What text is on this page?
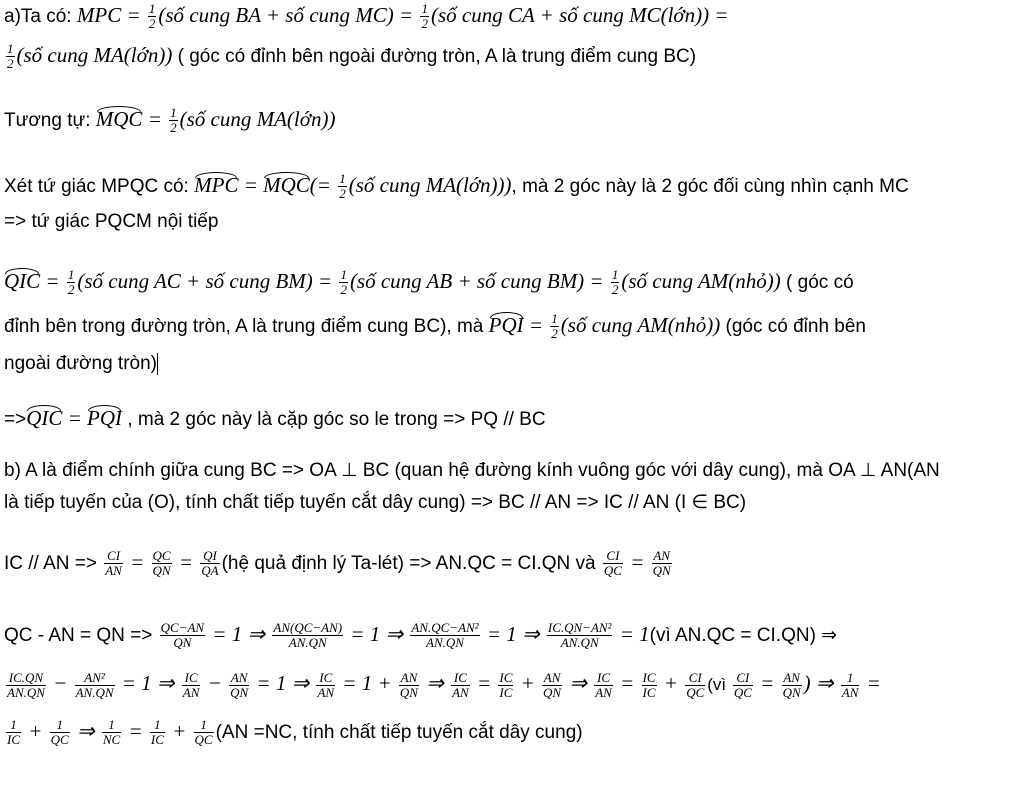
a)Ta có: MPC = $\frac{1}{2}$ (số cung BA + số cung $MC) = \frac{1}{2}$ (số cung CA + số cung MC(lớn)) =
$\frac{1}{2}$ (số cung MA(lớn)) ( góc có đỉnh bên ngoài đường tròn, A là trung điểm cung BC)
Tương tự: MQC = $\frac{1}{2}$ (số cung MA(lớn))
Xét tứ giác MPQC có: MPC = $MQC(= \frac{1}{2}$ (số cung MA(lớn))), mà 2 góc này là 2 góc đối cùng nhìn cạnh MC
=> tứ giác PQCM nội tiếp
QIC = $\frac{1}{2}$ (số cung AC + số cung $BM) = \frac{1}{2}$ (số cung AB + số cung $BM) = \frac{1}{2}$ (số cung AM(nhỏ)) ( góc có
đỉnh bên trong đường tròn, A là trung điểm cung BC), mà PQI = $\frac{1}{2}$ (số cung AM(nhỏ)) (góc có đỉnh bên
ngoài đường tròn)
=>QIC = PQI , mà 2 góc này là cặp góc so le trong => PQ // BC
b) A là điểm chính giữa cung BC => OA ⊥ BC (quan hệ đường kính vuông góc với dây cung), mà OA ⊥ AN(AN
là tiếp tuyến của (O), tính chất tiếp tuyến cắt dây cung) => BC // AN => IC // AN (I ∈ BC)
IC // AN => $\frac{CI}{AN} = \frac{QC}{QN} = \frac{QI}{QA}$ (hệ quả định lý Ta-lét) => AN.QC = CI.QN và $\frac{CI}{QC} = \frac{AN}{QN}$
QC - AN = QN => $\frac{QC-AN}{QN} = 1$ ⇒ $\frac{AN(QC-AN)}{AN.QN} = 1$ ⇒ $\frac{\text{AN.QC−AN²}}{AN.QN} = 1$ ⇒ $\frac{\text{IC.QN−AN²}}{AN.QN}$ = 1(vì AN.QC = CI.QN) ⇒
$\frac{IC.QN}{AN.QN} - \frac{\text{AN²}}{AN.QN} = 1$ ⇒ $\frac{IC}{AN} - \frac{AN}{QN} = 1$ ⇒ $\frac{IC}{AN} = 1 + \frac{AN}{QN}$ ⇒ $\frac{IC}{AN} = \frac{IC}{IC} + \frac{AN}{QN}$ ⇒ $\frac{IC}{AN} = \frac{IC}{IC} + \frac{CI}{QC}$ (vì $\frac{CI}{QC} = \frac{AN}{QN}$ ) ⇒ $\frac{1}{AN}$ =
$\frac{1}{IC} + \frac{1}{QC}$ ⇒ $\frac{1}{NC} = \frac{1}{IC} + \frac{1}{QC} (AN =NC$, tính chất tiếp tuyến cắt dây cung)
